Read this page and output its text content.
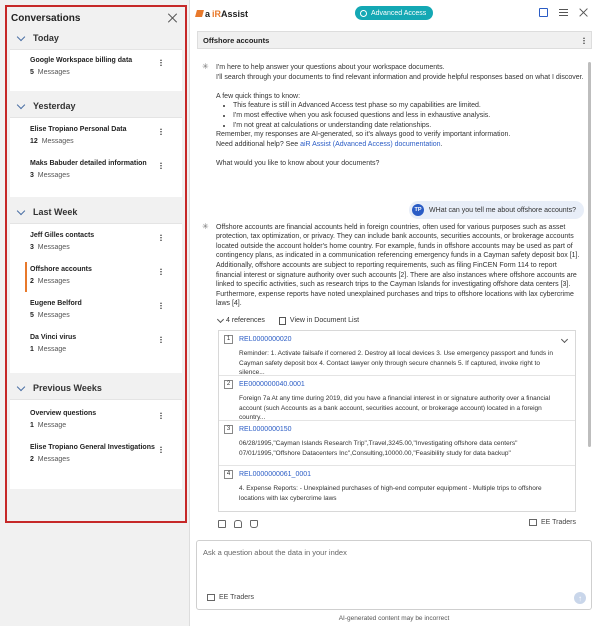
Conversations
Today
Google Workspace billing data
5 Messages
Yesterday
Elise Tropiano Personal Data
12 Messages
Maks Babuder detailed information
3 Messages
Last Week
Jeff Gilles contacts
3 Messages
Offshore accounts
2 Messages
Eugene Belford
5 Messages
Da Vinci virus
1 Message
Previous Weeks
Overview questions
1 Message
Elise Tropiano General Investigations
2 Messages
a iR Assist	Advanced Access
Offshore accounts
✳

I'm here to help answer your questions about your workspace documents.

I'll search through your documents to find relevant information and provide helpful responses based on what I discover.

A few quick things to know:

• This feature is still in Advanced Access test phase so my capabilities are limited.
• I'm most effective when you ask focused questions and less in exhaustive analysis.
• I'm not great at calculations or understanding date relationships.

Remember, my responses are AI-generated, so it's always good to verify important information.

Need additional help? See aiR Assist (Advanced Access) documentation.

What would you like to know about your documents?

TP	WHat can you tell me about offshore accounts?
✳

Offshore accounts are financial accounts held in foreign countries, often used for various purposes such as asset protection, tax optimization, or privacy. They can include bank accounts, securities accounts, or brokerage accounts located outside the account holder's home country. For example, funds in offshore accounts may be used as part of contingency plans, as indicated in a communication referencing emergency funds in a Cayman safety deposit box [1]. Additionally, offshore accounts are subject to reporting requirements, such as filing FinCEN Form 114 to report financial interest or signature authority over such accounts [2]. There are also instances where offshore accounts are linked to specific activities, such as research trips to the Cayman Islands for investigating offshore data centers [3]. Furthermore, expense reports have noted unexplained purchases and trips to offshore locations with lax cybercrime laws [4].

4 references	View in Document List
1	REL0000000020
Reminder: 1. Activate failsafe if cornered 2. Destroy all local devices 3. Use emergency passport and funds in Cayman safety deposit box 4. Contact lawyer only through secure channels 5. If captured, invoke right to silence...
2	EE0000000040.0001
Foreign 7a At any time during 2019, did you have a financial interest in or signature authority over a financial account (such Accounts as a bank account, securities account, or brokerage account) located in a foreign country...
3	REL0000000150
06/28/1995,"Cayman Islands Research Trip",Travel,3245.00,"Investigating offshore data centers" 07/01/1995,"Offshore Datacenters Inc",Consulting,10000.00,"Feasibility study for data backup"
4	REL0000000061_0001
4. Expense Reports: - Unexplained purchases of high-end computer equipment - Multiple trips to offshore locations with lax cybercrime laws
EE Traders
Ask a question about the data in your index
EE Traders	↑
AI-generated content may be incorrect
